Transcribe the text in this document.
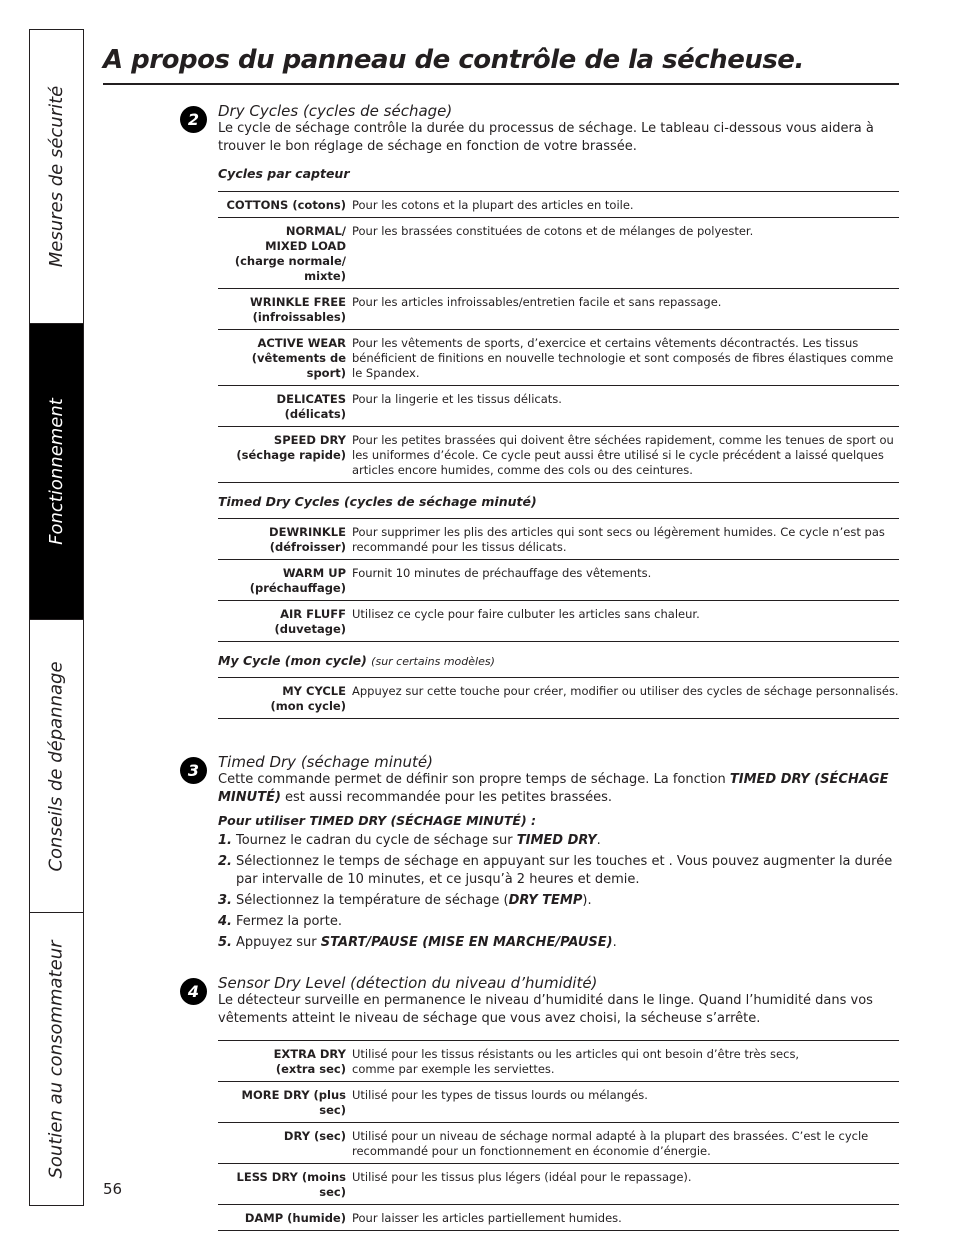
Mesures de sécurité
Fonctionnement
Conseils de dépannage
Soutien au consommateur
A propos du panneau de contrôle de la sécheuse.
2	Dry Cycles (cycles de séchage)

Le cycle de séchage contrôle la durée du processus de séchage. Le tableau ci-dessous vous aidera à trouver le bon réglage de séchage en fonction de votre brassée.

Cycles par capteur
COTTONS (cotons)	Pour les cotons et la plupart des articles en toile.
NORMAL/
MIXED LOAD
(charge normale/
mixte)	Pour les brassées constituées de cotons et de mélanges de polyester.
WRINKLE FREE
(infroissables)	Pour les articles infroissables/entretien facile et sans repassage.
ACTIVE WEAR
(vêtements de sport)	Pour les vêtements de sports, d’exercice et certains vêtements décontractés. Les tissus bénéficient de finitions en nouvelle technologie et sont composés de fibres élastiques comme le Spandex.
DELICATES
(délicats)	Pour la lingerie et les tissus délicats.
SPEED DRY
(séchage rapide)	Pour les petites brassées qui doivent être séchées rapidement, comme les tenues de sport ou les uniformes d’école. Ce cycle peut aussi être utilisé si le cycle précédent a laissé quelques articles encore humides, comme des cols ou des ceintures.
Timed Dry Cycles (cycles de séchage minuté)
DEWRINKLE
(défroisser)	Pour supprimer les plis des articles qui sont secs ou légèrement humides. Ce cycle n’est pas recommandé pour les tissus délicats.
WARM UP
(préchauffage)	Fournit 10 minutes de préchauffage des vêtements.
AIR FLUFF
(duvetage)	Utilisez ce cycle pour faire culbuter les articles sans chaleur.
My Cycle (mon cycle) (sur certains modèles)
MY CYCLE
(mon cycle)	Appuyez sur cette touche pour créer, modifier ou utiliser des cycles de séchage personnalisés.
3	Timed Dry (séchage minuté)

Cette commande permet de définir son propre temps de séchage. La fonction TIMED DRY (SÉCHAGE MINUTÉ) est aussi recommandée pour les petites brassées.

Pour utiliser TIMED DRY (SÉCHAGE MINUTÉ) :
1. Tournez le cadran du cycle de séchage sur TIMED DRY.
2. Sélectionnez le temps de séchage en appuyant sur les touches et . Vous pouvez augmenter la durée par intervalle de 10 minutes, et ce jusqu’à 2 heures et demie.
3. Sélectionnez la température de séchage (DRY TEMP).
4. Fermez la porte.
5. Appuyez sur START/PAUSE (MISE EN MARCHE/PAUSE).
4	Sensor Dry Level (détection du niveau d’humidité)

Le détecteur surveille en permanence le niveau d’humidité dans le linge. Quand l’humidité dans vos vêtements atteint le niveau de séchage que vous avez choisi, la sécheuse s’arrête.

EXTRA DRY
(extra sec)	Utilisé pour les tissus résistants ou les articles qui ont besoin d’être très secs,
comme par exemple les serviettes.
MORE DRY (plus sec)	Utilisé pour les types de tissus lourds ou mélangés.
DRY (sec)	Utilisé pour un niveau de séchage normal adapté à la plupart des brassées. C’est le cycle recommandé pour un fonctionnement en économie d’énergie.
LESS DRY (moins sec)	Utilisé pour les tissus plus légers (idéal pour le repassage).
DAMP (humide)	Pour laisser les articles partiellement humides.
56
